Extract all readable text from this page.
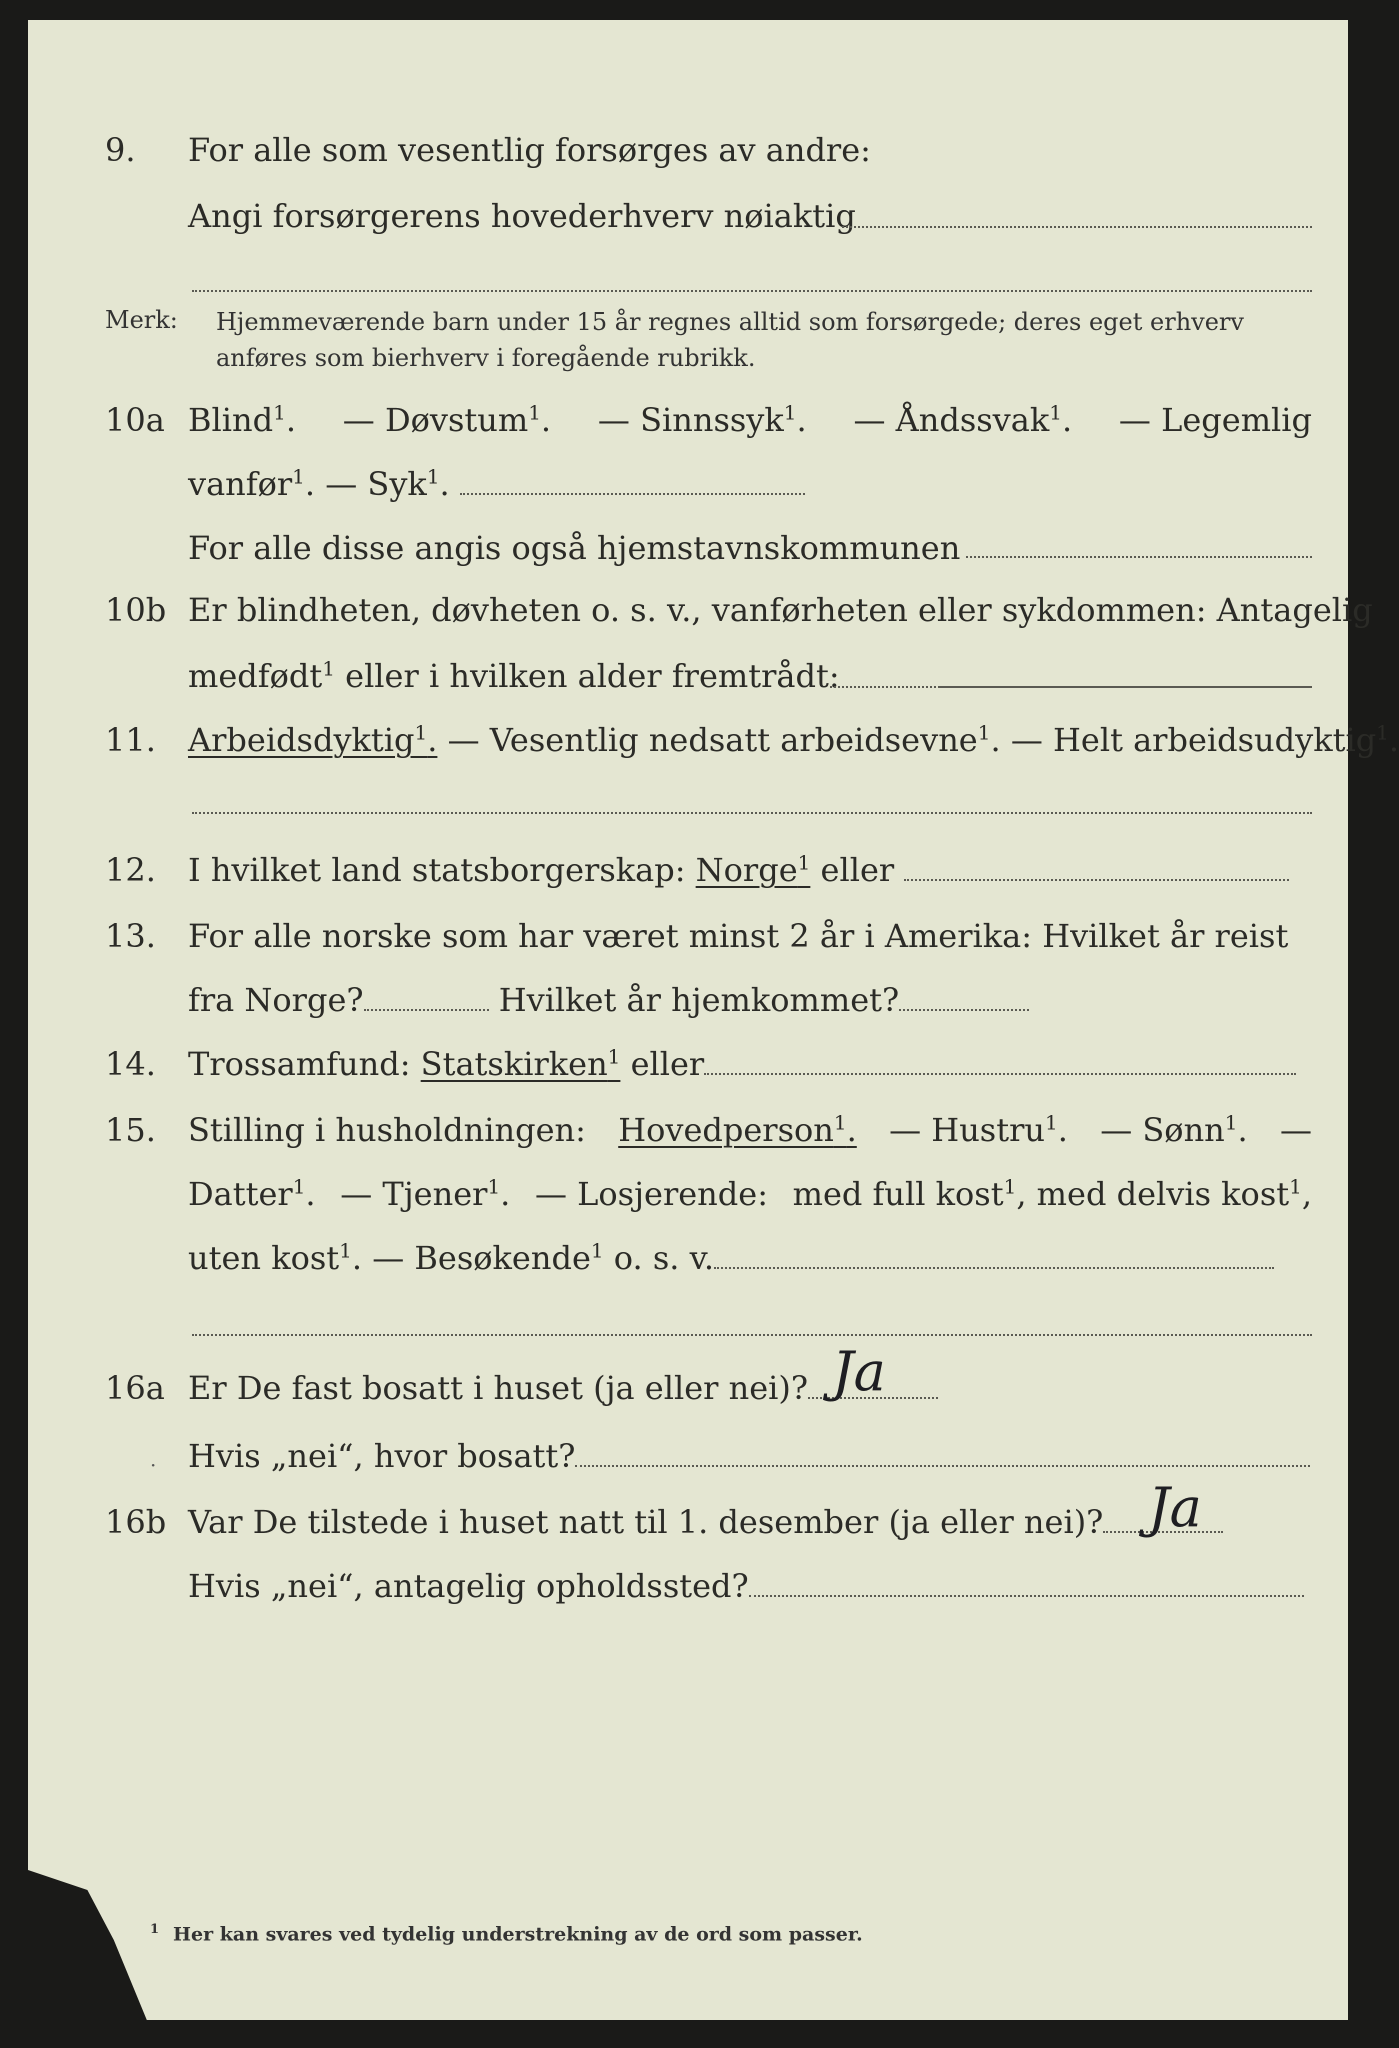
9. For alle som vesentlig forsørges av andre:
Angi forsørgerens hovederhverv nøiaktig
Merk: Hjemmeværende barn under 15 år regnes alltid som forsørgede; deres eget erhverv
anføres som bierhverv i foregående rubrikk.
10a Blind$^1$. — Døvstum$^1$. — Sinnssyk$^1$. — Åndssvak$^1$. — Legemlig
vanfør$^1$. — Syk$^1$.
For alle disse angis også hjemstavnskommunen
10b Er blindheten, døvheten o. s. v., vanførheten eller sykdommen: Antagelig
medfødt$^1$ eller i hvilken alder fremtrådt:
11. Arbeidsdyktig$^1$. — Vesentlig nedsatt arbeidsevne$^1$. — Helt arbeidsudyktig$^1$.
12. I hvilket land statsborgerskap: Norge$^1$ eller
13. For alle norske som har været minst 2 år i Amerika: Hvilket år reist
fra Norge?	Hvilket år hjemkommet?
14. Trossamfund: Statskirken$^1$ eller
15. Stilling i husholdningen: Hovedperson$^1$. — Hustru$^1$. — Sønn$^1$. —
Datter$^1$. — Tjener$^1$. — Losjerende: med full kost$^1$, med delvis kost$^1$,
uten kost$^1$. — Besøkende$^1$ o. s. v.
16a Er De fast bosatt i huset (ja eller nei)? Ja
· Hvis „nei“, hvor bosatt?
16b Var De tilstede i huset natt til 1. desember (ja eller nei)? Ja
Hvis „nei“, antagelig opholdssted?
$^1$ Her kan svares ved tydelig understrekning av de ord som passer.
